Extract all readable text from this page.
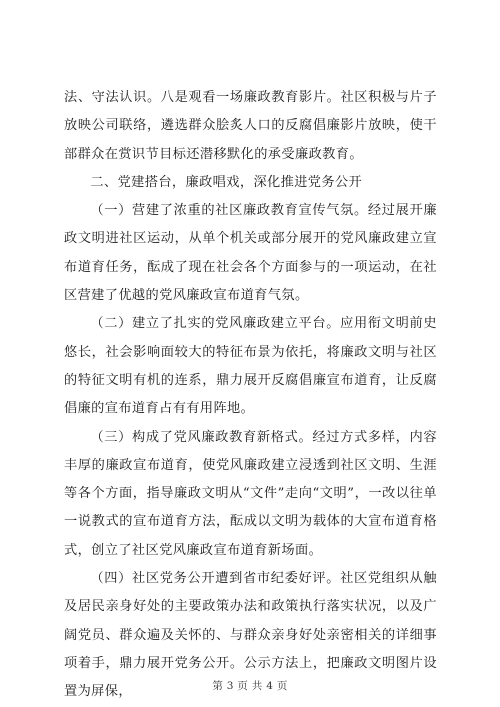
法、守法认识。八是观看一场廉政教育影片。社区积极与片子放映公司联络，遴选群众脍炙人口的反腐倡廉影片放映，使干部群众在赏识节目标还潜移默化的承受廉政教育。

二、党建搭台，廉政唱戏，深化推进党务公开

（一）营建了浓重的社区廉政教育宣传气氛。经过展开廉政文明进社区运动，从单个机关或部分展开的党风廉政建立宣布道育任务，酝成了现在社会各个方面参与的一项运动，在社区营建了优越的党风廉政宣布道育气氛。

（二）建立了扎实的党风廉政建立平台。应用衔文明前史悠长，社会影响面较大的特征布景为依托，将廉政文明与社区的特征文明有机的连系，鼎力展开反腐倡廉宣布道育，让反腐倡廉的宣布道育占有有用阵地。

（三）构成了党风廉政教育新格式。经过方式多样，内容丰厚的廉政宣布道育，使党风廉政建立浸透到社区文明、生涯等各个方面，指导廉政文明从“文件”走向“文明”，一改以往单一说教式的宣布道育方法，酝成以文明为载体的大宣布道育格式，创立了社区党风廉政宣布道育新场面。

（四）社区党务公开遭到省市纪委好评。社区党组织从触及居民亲身好处的主要政策办法和政策执行落实状况，以及广阔党员、群众遍及关怀的、与群众亲身好处亲密相关的详细事项着手，鼎力展开党务公开。公示方法上，把廉政文明图片设置为屏保，	第 3 页 共 4 页
